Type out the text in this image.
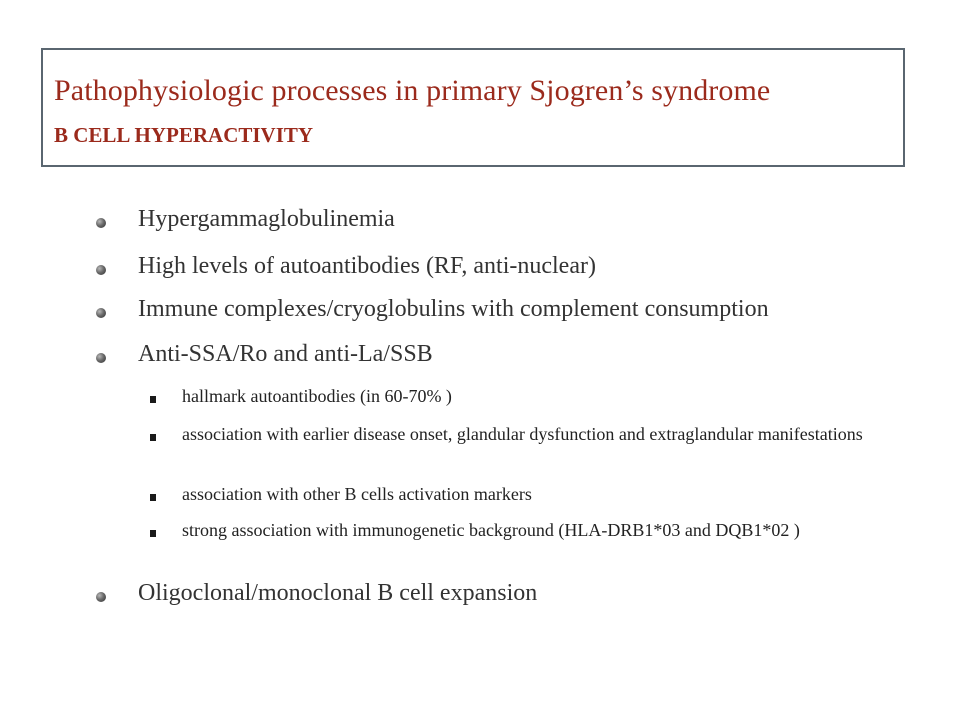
Pathophysiologic processes in primary Sjogren’s syndrome
B CELL HYPERACTIVITY
Hypergammaglobulinemia
High levels of autoantibodies (RF, anti-nuclear)
Immune complexes/cryoglobulins with complement consumption
Anti-SSA/Ro and anti-La/SSB
hallmark autoantibodies (in 60-70% )
association with earlier disease onset, glandular dysfunction and extraglandular manifestations
association with other B cells activation markers
strong association with immunogenetic background (HLA-DRB1*03 and DQB1*02 )
Oligoclonal/monoclonal B cell expansion
